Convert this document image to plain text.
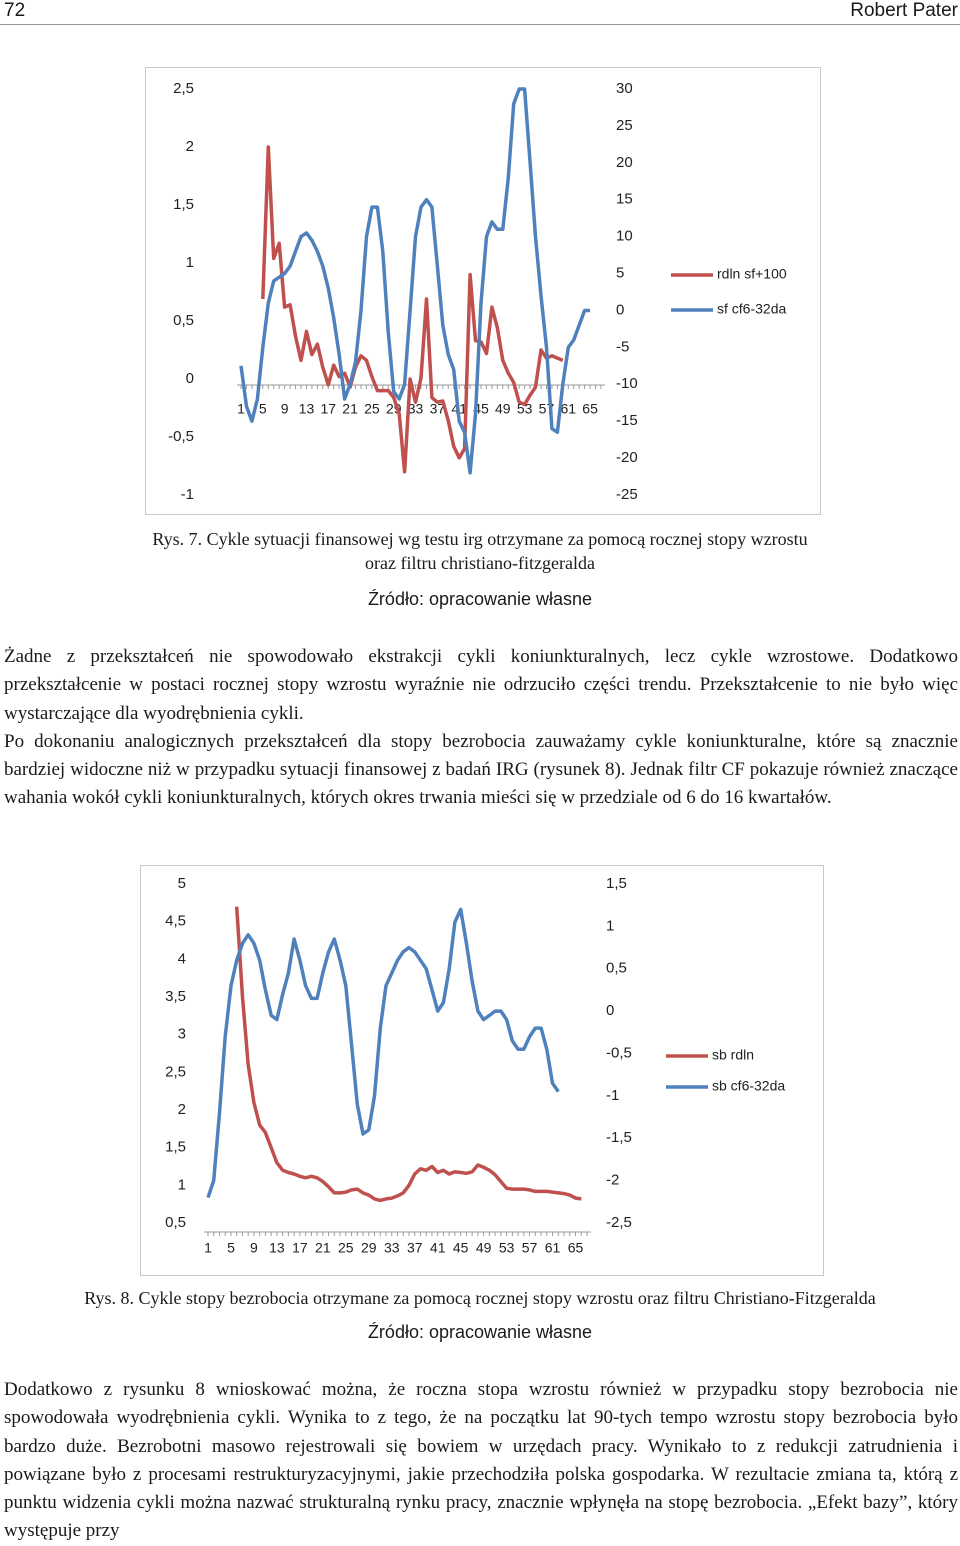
72	Robert Pater
2,5
2
1,5
1
0,5
0
-0,5
-1
30
25
20
15
10
5
0
-5
-10
-15
-20
-25
1 5 9 13 17 21 25 29 33 37 41 45 49 53 57 61 65
rdln sf+100
sf cf6-32da
Rys. 7. Cykle sytuacji finansowej wg testu irg otrzymane za pomocą rocznej stopy wzrostu
oraz filtru christiano-fitzgeralda
Źródło: opracowanie własne

Żadne z przekształceń nie spowodowało ekstrakcji cykli koniunkturalnych, lecz cykle wzrostowe. Dodatkowo przekształcenie w postaci rocznej stopy wzrostu wyraźnie nie odrzuciło części trendu. Przekształcenie to nie było więc wystarczające dla wyodrębnienia cykli.

Po dokonaniu analogicznych przekształceń dla stopy bezrobocia zauważamy cykle koniunkturalne, które są znacznie bardziej widoczne niż w przypadku sytuacji finansowej z badań IRG (rysunek 8). Jednak filtr CF pokazuje również znaczące wahania wokół cykli koniunkturalnych, których okres trwania mieści się w przedziale od 6 do 16 kwartałów.

5
4,5
4
3,5
3
2,5
2
1,5
1
0,5
1,5
1
0,5
0
-0,5
-1
-1,5
-2
-2,5
1 5 9 13 17 21 25 29 33 37 41 45 49 53 57 61 65
sb rdln
sb cf6-32da
Rys. 8. Cykle stopy bezrobocia otrzymane za pomocą rocznej stopy wzrostu oraz filtru Christiano-Fitzgeralda
Źródło: opracowanie własne

Dodatkowo z rysunku 8 wnioskować można, że roczna stopa wzrostu również w przypadku stopy bezrobocia nie spowodowała wyodrębnienia cykli. Wynika to z tego, że na początku lat 90-tych tempo wzrostu stopy bezrobocia było bardzo duże. Bezrobotni masowo rejestrowali się bowiem w urzędach pracy. Wynikało to z redukcji zatrudnienia i powiązane było z procesami restrukturyzacyjnymi, jakie przechodziła polska gospodarka. W rezultacie zmiana ta, którą z punktu widzenia cykli można nazwać strukturalną rynku pracy, znacznie wpłynęła na stopę bezrobocia. „Efekt bazy”, który występuje przy
